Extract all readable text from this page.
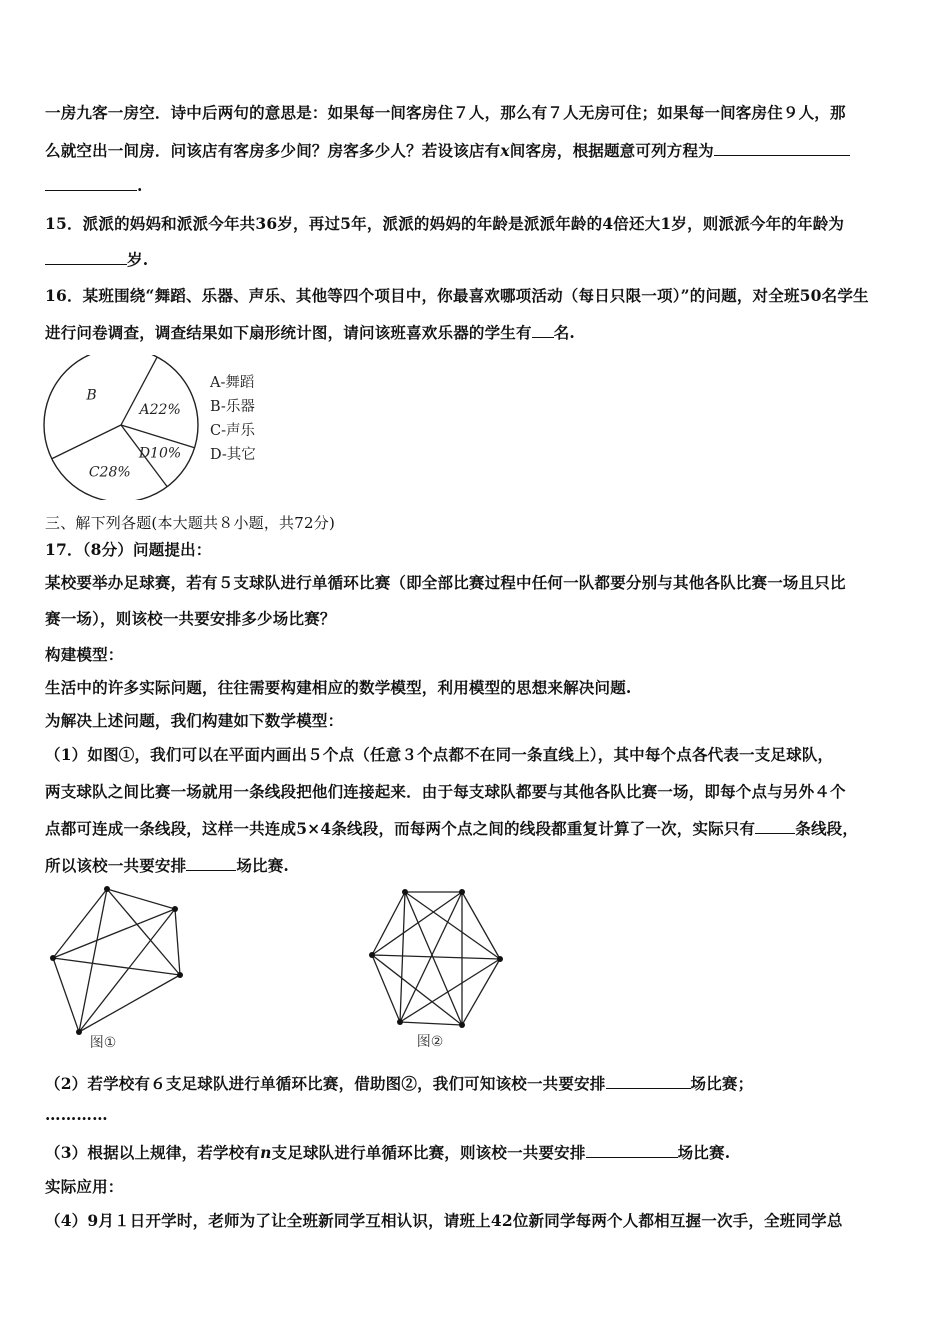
一房九客一房空．诗中后两句的意思是：如果每一间客房住７人，那么有７人无房可住；如果每一间客房住９人，那
么就空出一间房．问该店有客房多少间？房客多少人？若设该店有x间客房，根据题意可列方程为
.
15．派派的妈妈和派派今年共36岁，再过5年，派派的妈妈的年龄是派派年龄的4倍还大1岁，则派派今年的年龄为
岁.
16．某班围绕“舞蹈、乐器、声乐、其他等四个项目中，你最喜欢哪项活动（每日只限一项）”的问题，对全班50名学生
进行问卷调查，调查结果如下扇形统计图，请问该班喜欢乐器的学生有 名.
A22%
D10%
C28%
B
A-舞蹈
B-乐器
C-声乐
D-其它
三、解下列各题(本大题共８小题，共72分)
17．（8分）问题提出：
某校要举办足球赛，若有５支球队进行单循环比赛（即全部比赛过程中任何一队都要分别与其他各队比赛一场且只比
赛一场），则该校一共要安排多少场比赛？
构建模型：
生活中的许多实际问题，往往需要构建相应的数学模型，利用模型的思想来解决问题.
为解决上述问题，我们构建如下数学模型：
（1）如图①，我们可以在平面内画出５个点（任意３个点都不在同一条直线上），其中每个点各代表一支足球队，
两支球队之间比赛一场就用一条线段把他们连接起来．由于每支球队都要与其他各队比赛一场，即每个点与另外４个
点都可连成一条线段，这样一共连成5×4条线段，而每两个点之间的线段都重复计算了一次，实际只有	条线段，
所以该校一共要安排	场比赛.
图①	图②
（2）若学校有６支足球队进行单循环比赛，借助图②，我们可知该校一共要安排	场比赛；
…………
（3）根据以上规律，若学校有n支足球队进行单循环比赛，则该校一共要安排	场比赛.
实际应用：
（4）9月１日开学时，老师为了让全班新同学互相认识，请班上42位新同学每两个人都相互握一次手，全班同学总
